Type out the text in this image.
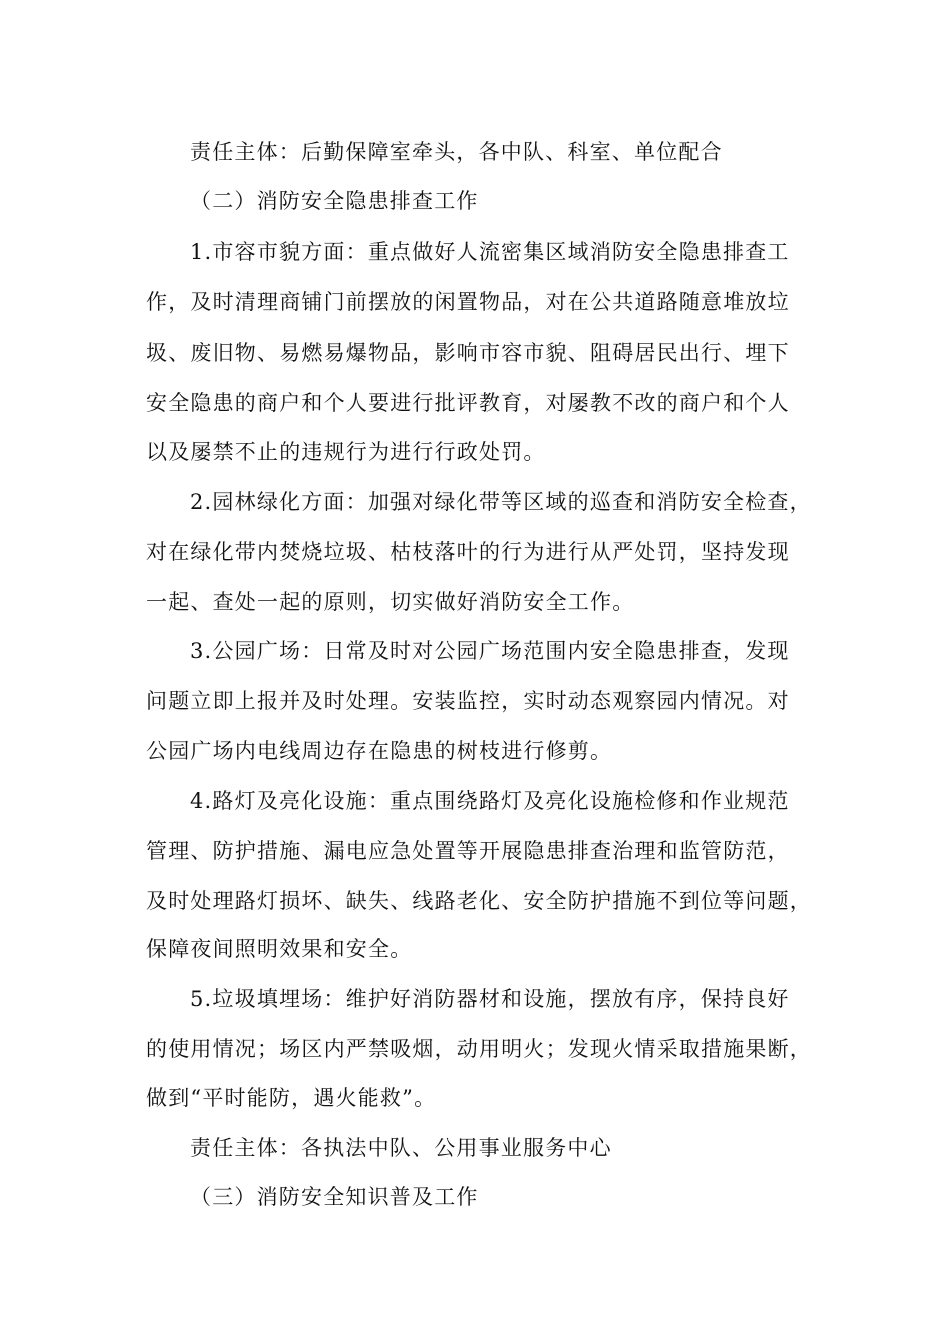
责任主体：后勤保障室牵头，各中队、科室、单位配合
（二）消防安全隐患排查工作
1.市容市貌方面：重点做好人流密集区域消防安全隐患排查工
作，及时清理商铺门前摆放的闲置物品，对在公共道路随意堆放垃
圾、废旧物、易燃易爆物品，影响市容市貌、阻碍居民出行、埋下
安全隐患的商户和个人要进行批评教育，对屡教不改的商户和个人
以及屡禁不止的违规行为进行行政处罚。
2.园林绿化方面：加强对绿化带等区域的巡查和消防安全检查，
对在绿化带内焚烧垃圾、枯枝落叶的行为进行从严处罚，坚持发现
一起、查处一起的原则，切实做好消防安全工作。
3.公园广场：日常及时对公园广场范围内安全隐患排查，发现
问题立即上报并及时处理。安装监控，实时动态观察园内情况。对
公园广场内电线周边存在隐患的树枝进行修剪。
4.路灯及亮化设施：重点围绕路灯及亮化设施检修和作业规范
管理、防护措施、漏电应急处置等开展隐患排查治理和监管防范，
及时处理路灯损坏、缺失、线路老化、安全防护措施不到位等问题，
保障夜间照明效果和安全。
5.垃圾填埋场：维护好消防器材和设施，摆放有序，保持良好
的使用情况；场区内严禁吸烟，动用明火；发现火情采取措施果断，
做到“平时能防，遇火能救”。
责任主体：各执法中队、公用事业服务中心
（三）消防安全知识普及工作
